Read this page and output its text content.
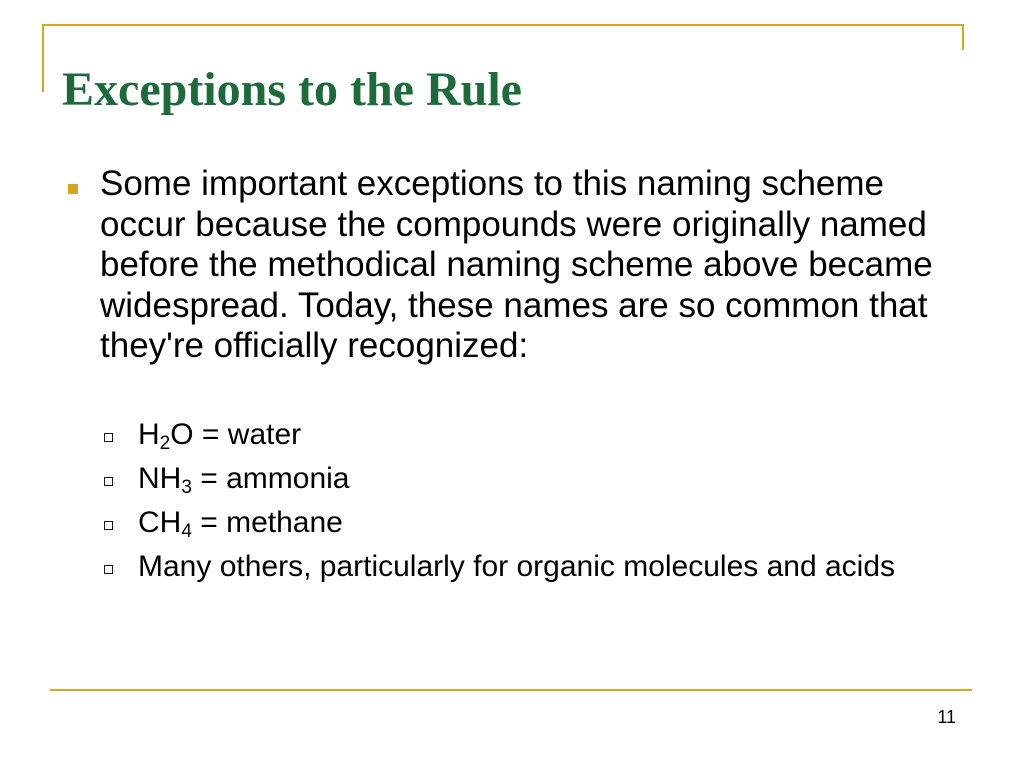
Exceptions to the Rule

Some important exceptions to this naming scheme occur because the compounds were originally named before the methodical naming scheme above became widespread. Today, these names are so common that they're officially recognized:

$H_2O$ = water
$NH_3$ = ammonia
$CH_4$ = methane
Many others, particularly for organic molecules and acids
11
